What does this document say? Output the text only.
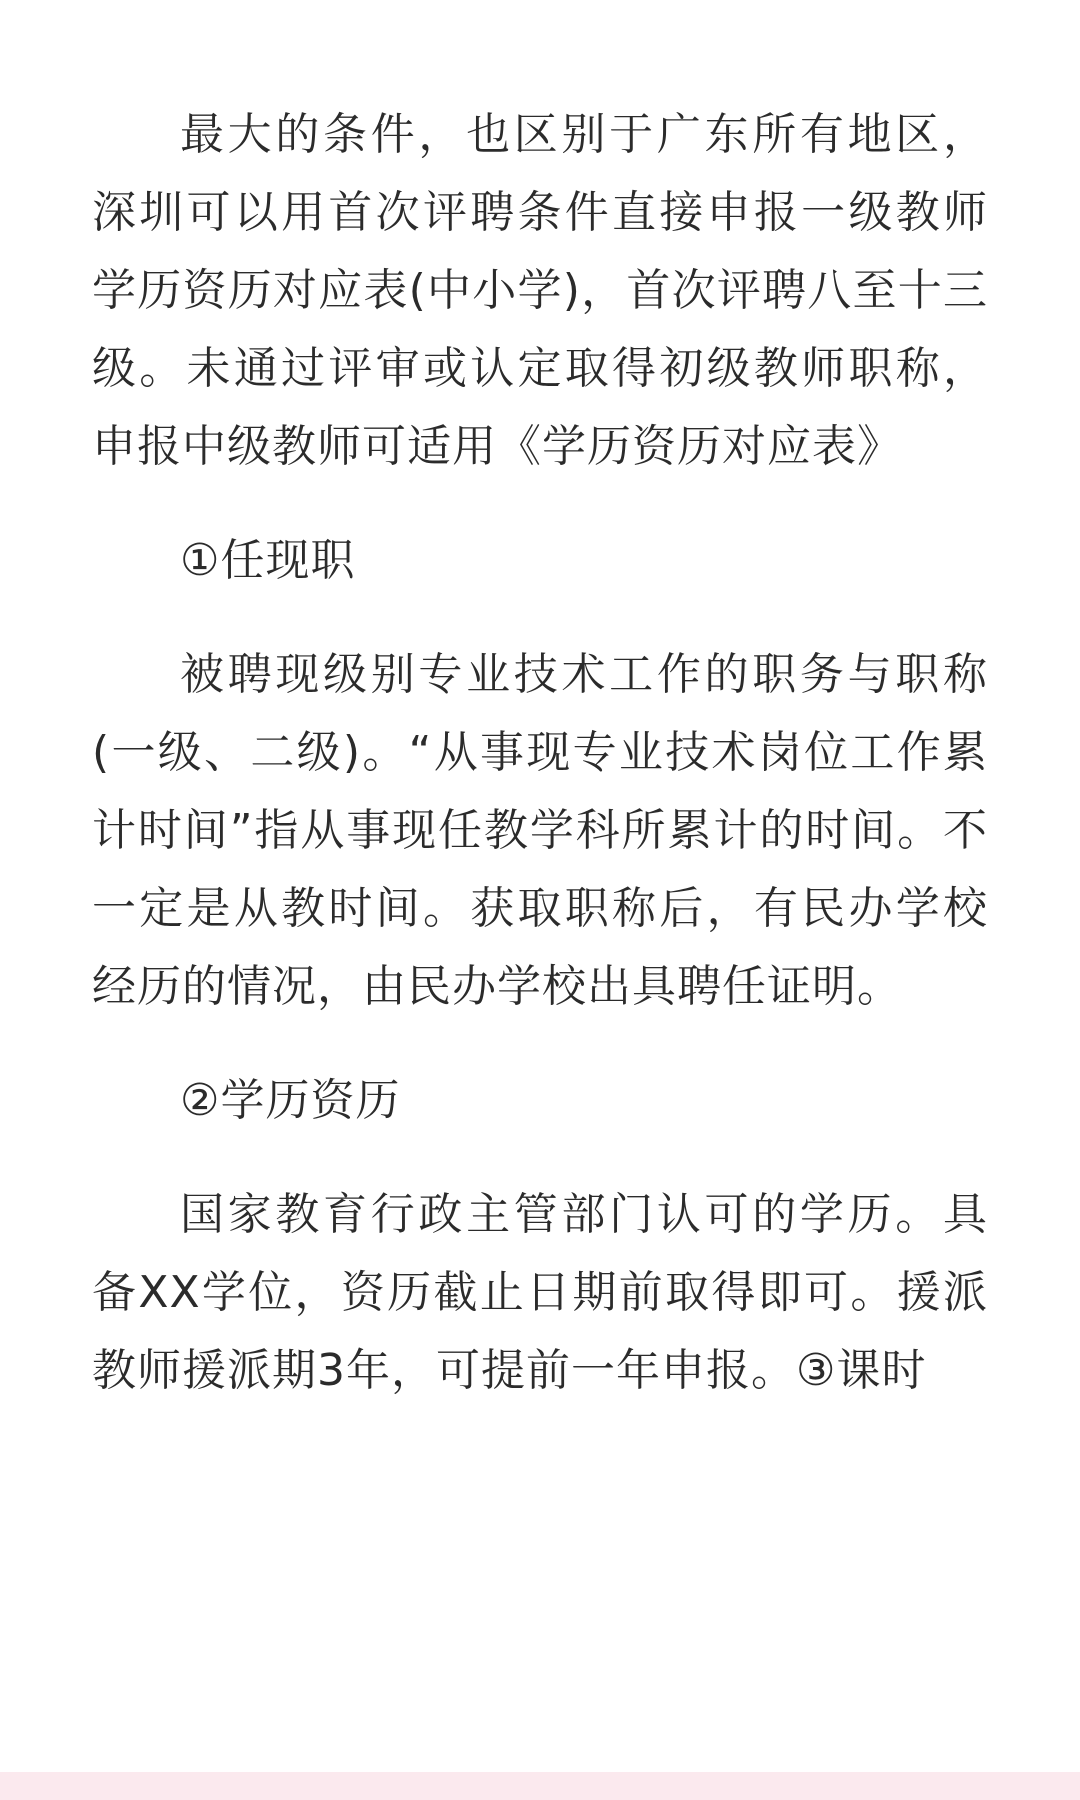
最大的条件，也区别于广东所有地区，深圳可以用首次评聘条件直接申报一级教师学历资历对应表(中小学)，首次评聘八至十三级。未通过评审或认定取得初级教师职称，申报中级教师可适用《学历资历对应表》

①任现职

被聘现级别专业技术工作的职务与职称(一级、二级)。“从事现专业技术岗位工作累计时间”指从事现任教学科所累计的时间。不一定是从教时间。获取职称后，有民办学校经历的情况，由民办学校出具聘任证明。

②学历资历

国家教育行政主管部门认可的学历。具备XX学位，资历截止日期前取得即可。援派教师援派期3年，可提前一年申报。③课时
